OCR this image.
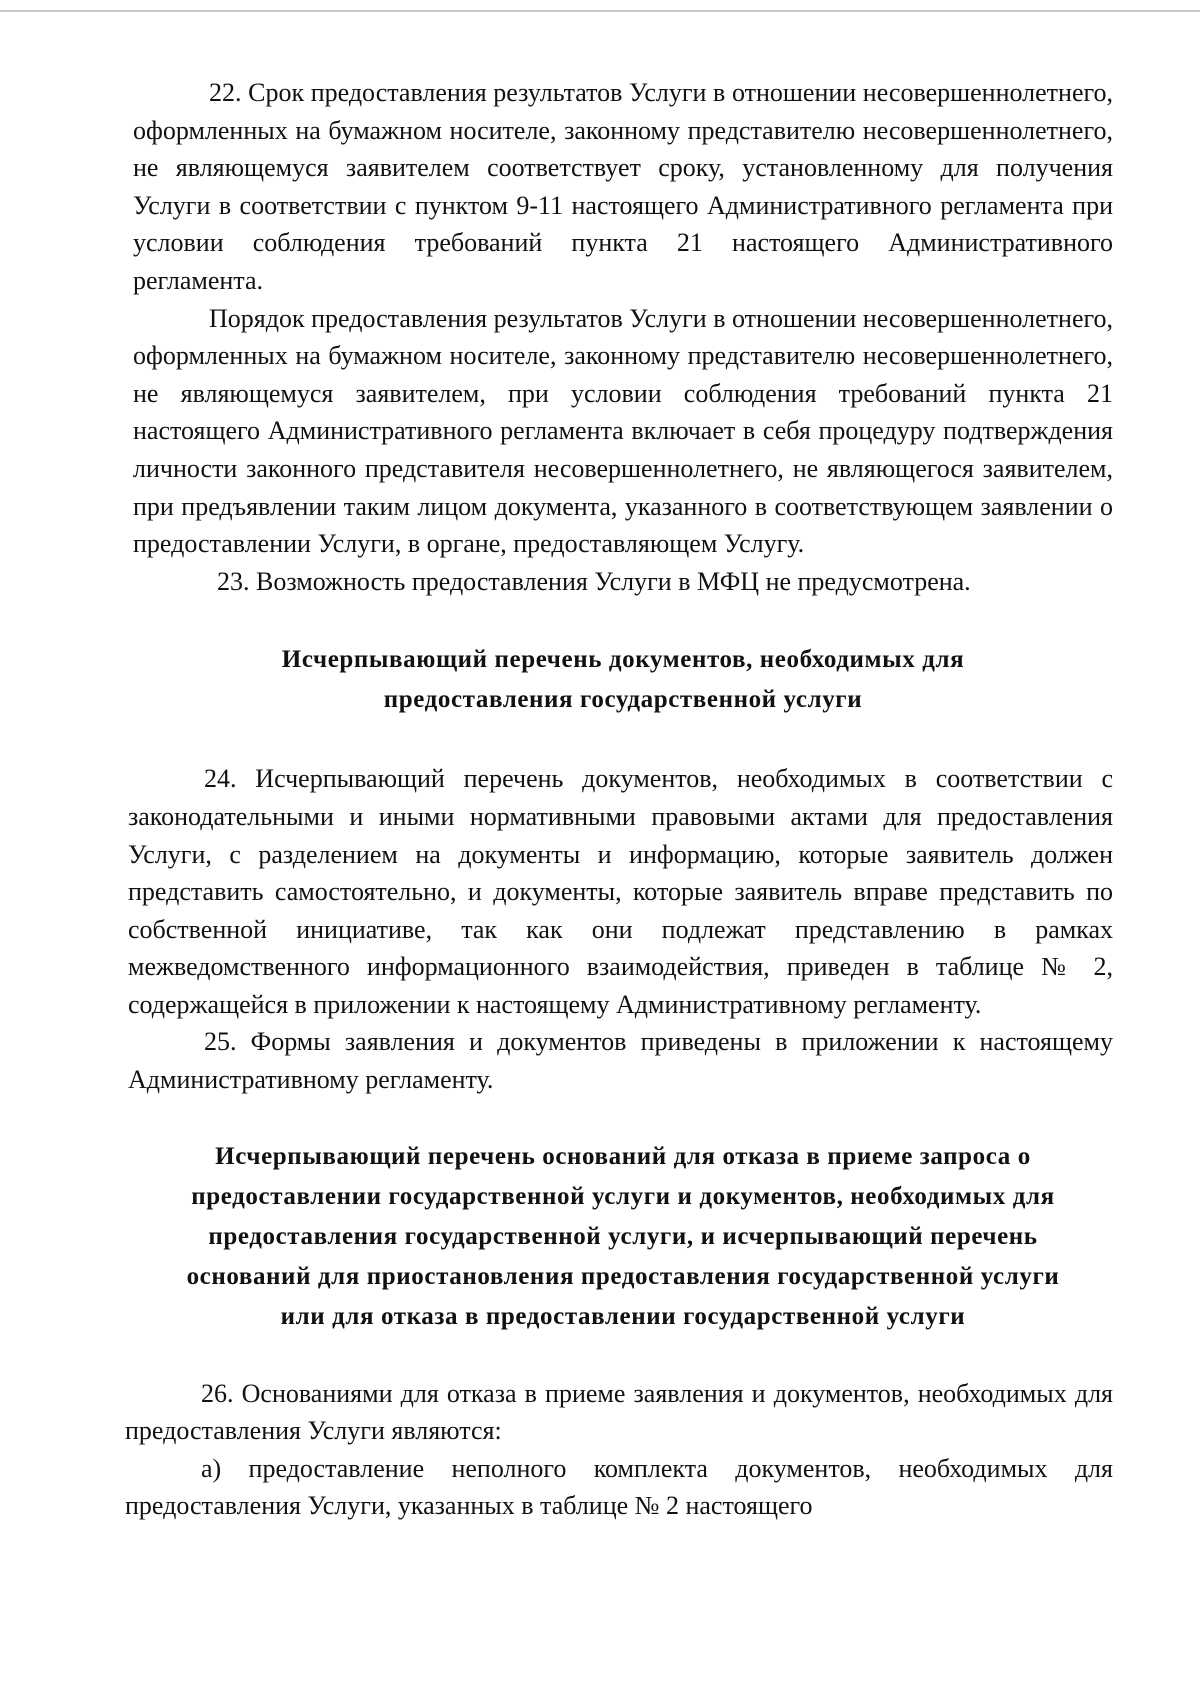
22. Срок предоставления результатов Услуги в отношении несовершеннолетнего, оформленных на бумажном носителе, законному представителю несовершеннолетнего, не являющемуся заявителем соответствует сроку, установленному для получения Услуги в соответствии с пунктом 9-11 настоящего Административного регламента при условии соблюдения требований пункта 21 настоящего Административного регламента.

Порядок предоставления результатов Услуги в отношении несовершеннолетнего, оформленных на бумажном носителе, законному представителю несовершеннолетнего, не являющемуся заявителем, при условии соблюдения требований пункта 21 настоящего Административного регламента включает в себя процедуру подтверждения личности законного представителя несовершеннолетнего, не являющегося заявителем, при предъявлении таким лицом документа, указанного в соответствующем заявлении о предоставлении Услуги, в органе, предоставляющем Услугу.

23. Возможность предоставления Услуги в МФЦ не предусмотрена.

Исчерпывающий перечень документов, необходимых для
предоставления государственной услуги

24. Исчерпывающий перечень документов, необходимых в соответствии с законодательными и иными нормативными правовыми актами для предоставления Услуги, с разделением на документы и информацию, которые заявитель должен представить самостоятельно, и документы, которые заявитель вправе представить по собственной инициативе, так как они подлежат представлению в рамках межведомственного информационного взаимодействия, приведен в таблице № 2, содержащейся в приложении к настоящему Административному регламенту.

25. Формы заявления и документов приведены в приложении к настоящему Административному регламенту.

Исчерпывающий перечень оснований для отказа в приеме запроса о
предоставлении государственной услуги и документов, необходимых для
предоставления государственной услуги, и исчерпывающий перечень
оснований для приостановления предоставления государственной услуги
или для отказа в предоставлении государственной услуги

26. Основаниями для отказа в приеме заявления и документов, необходимых для предоставления Услуги являются:

а) предоставление неполного комплекта документов, необходимых для предоставления Услуги, указанных в таблице № 2 настоящего
